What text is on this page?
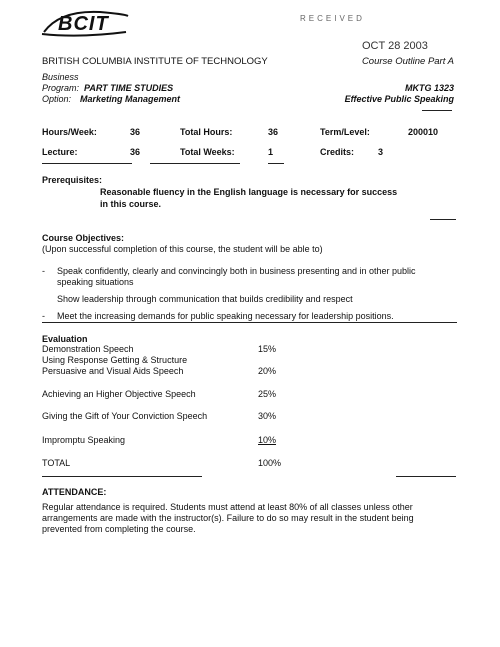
BCIT	RECEIVED
OCT 28 2003
BRITISH COLUMBIA INSTITUTE OF TECHNOLOGY	Course Outline Part A
Business
Program: PART TIME STUDIES
Option: Marketing Management
MKTG 1323
Effective Public Speaking
Hours/Week:	36	Total Hours:	36	Term/Level:	200010
Lecture:	36	Total Weeks:	1	Credits:	3
Prerequisites:
Reasonable fluency in the English language is necessary for success
in this course.
Course Objectives:
(Upon successful completion of this course, the student will be able to)
- Speak confidently, clearly and convincingly both in business presenting and in other public
speaking situations
Show leadership through communication that builds credibility and respect
- Meet the increasing demands for public speaking necessary for leadership positions.
Evaluation
Demonstration Speech	15%
Using Response Getting & Structure
Persuasive and Visual Aids Speech	20%
Achieving an Higher Objective Speech	25%
Giving the Gift of Your Conviction Speech	30%
Impromptu Speaking	10%
TOTAL	100%
ATTENDANCE:
Regular attendance is required. Students must attend at least 80% of all classes unless other arrangements are made with the instructor(s). Failure to do so may result in the student being prevented from completing the course.
